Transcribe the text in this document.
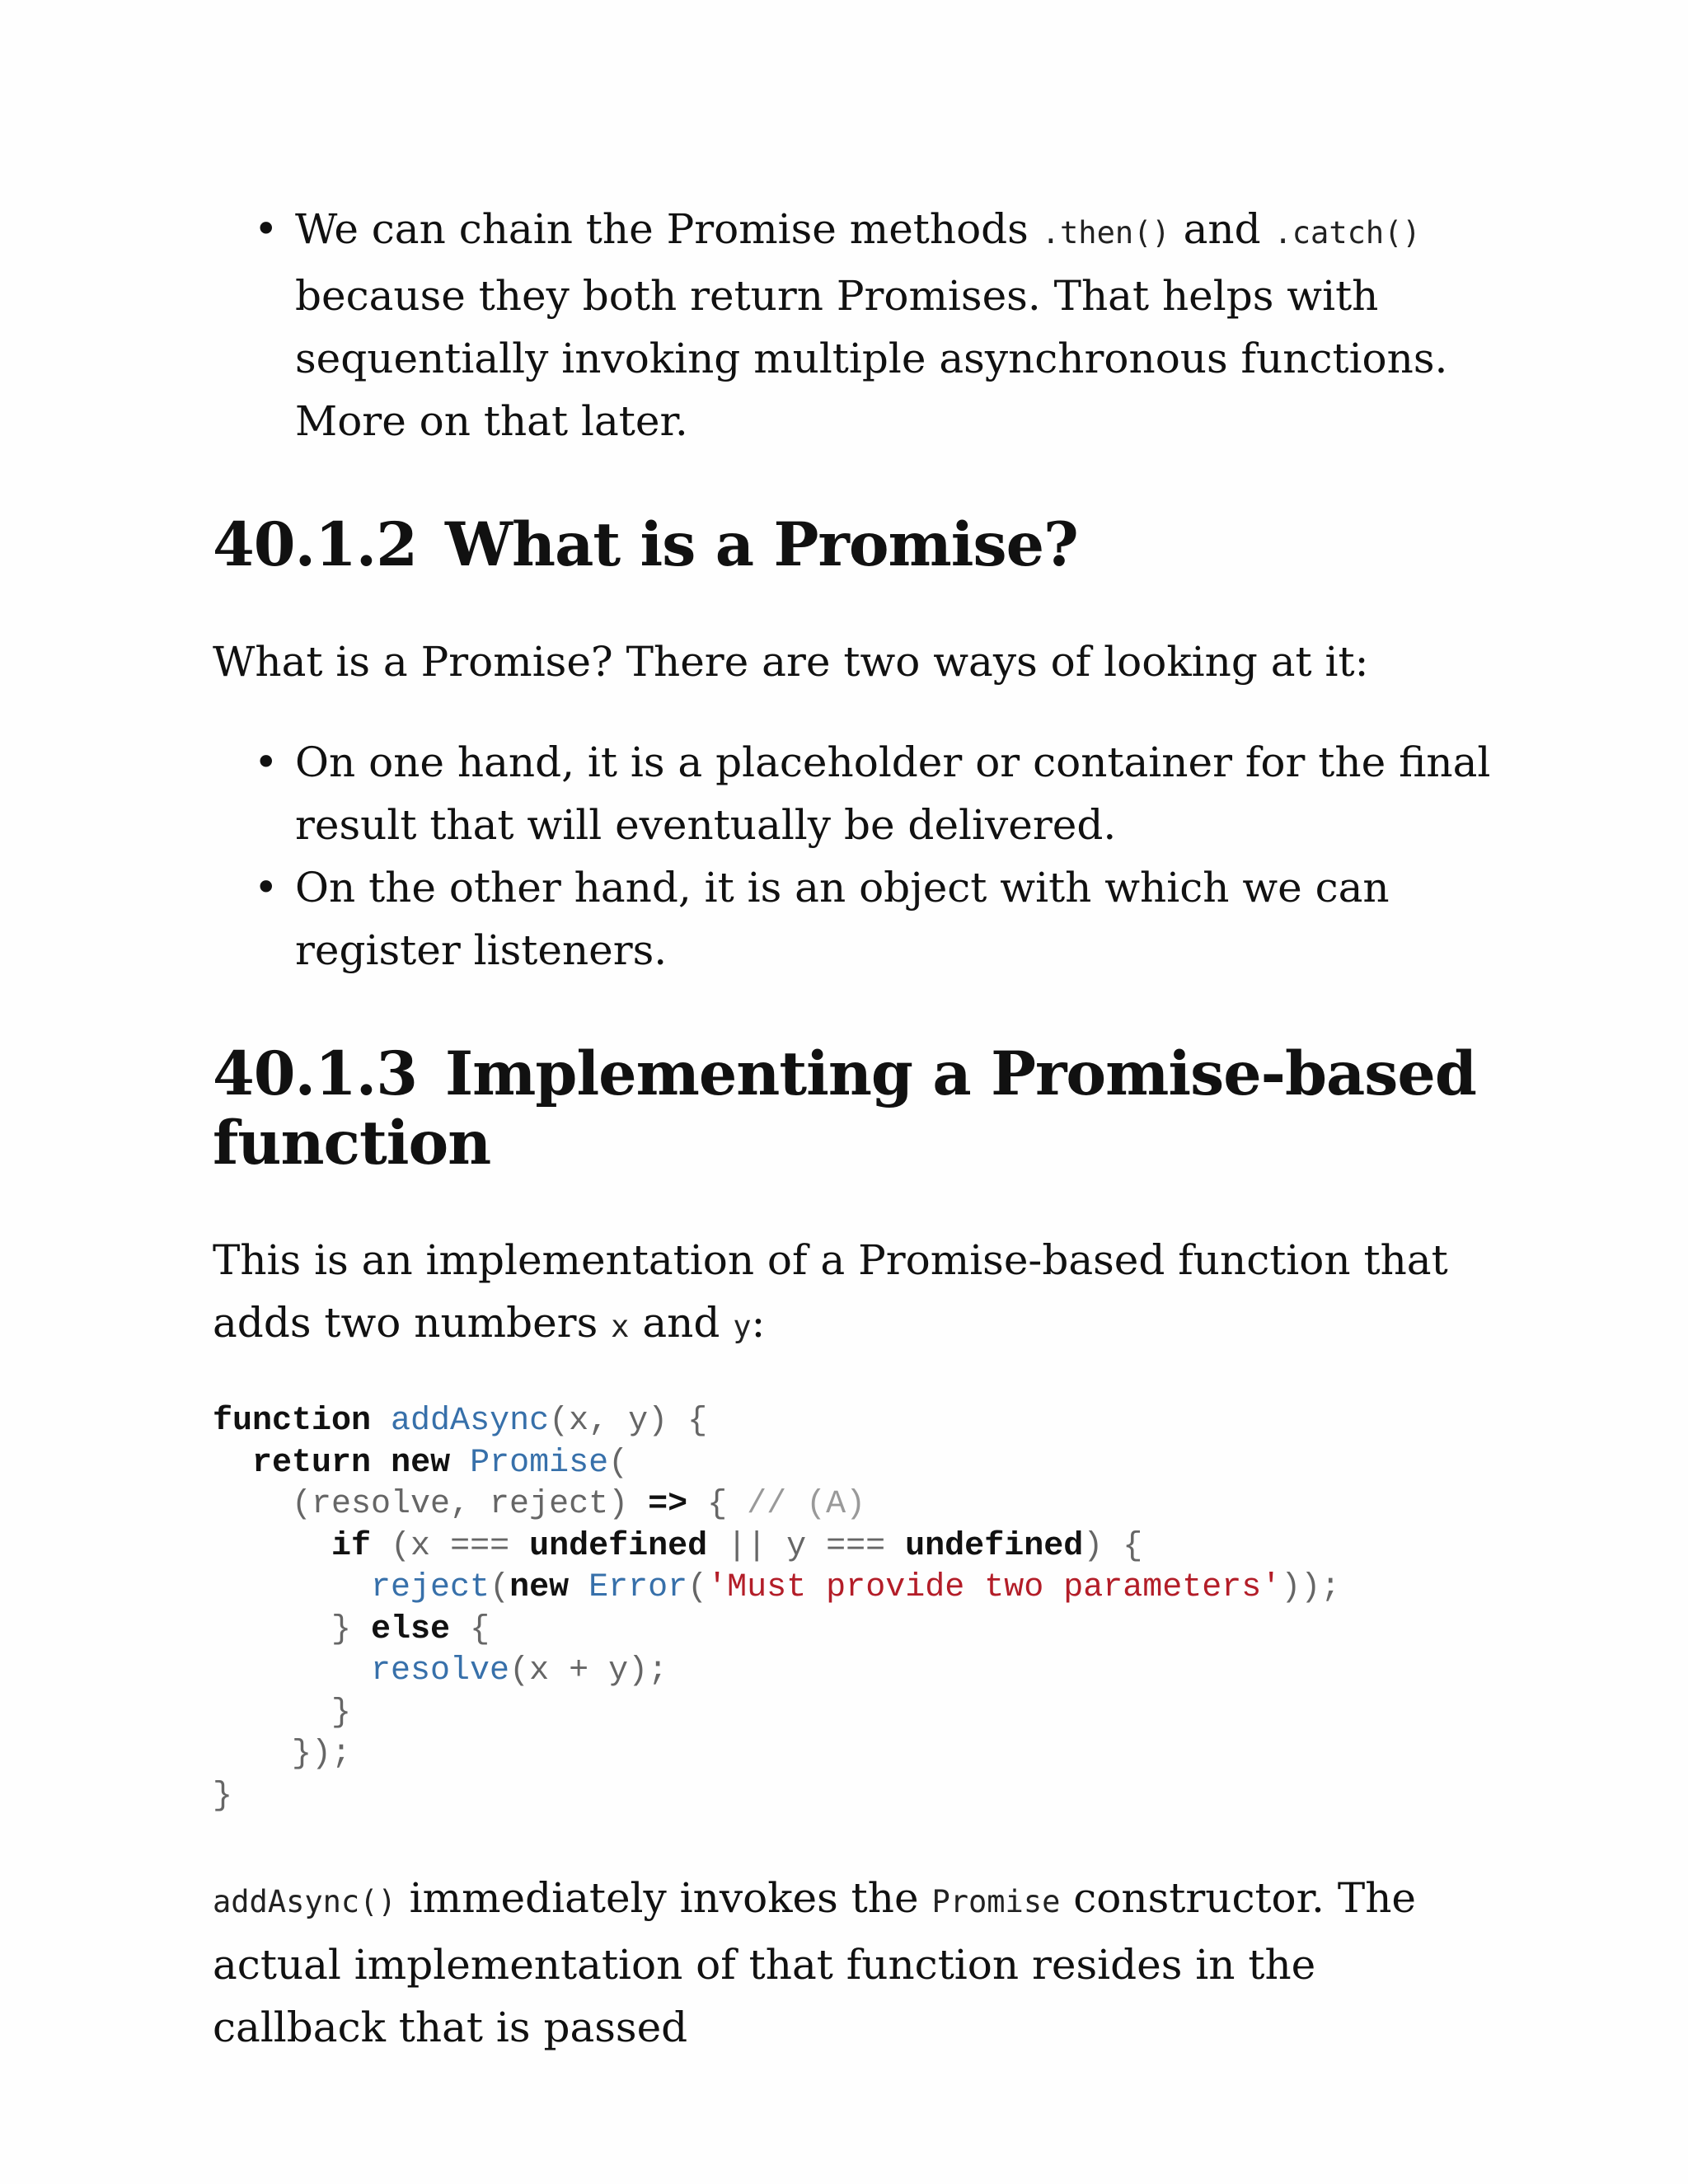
• We can chain the Promise methods .then() and .catch() because they both return Promises. That helps with sequentially invoking multiple asynchronous functions. More on that later.
40.1.2 What is a Promise?

What is a Promise? There are two ways of looking at it:

• On one hand, it is a placeholder or container for the final result that will eventually be delivered.
• On the other hand, it is an object with which we can register listeners.
40.1.3 Implementing a Promise-based function

This is an implementation of a Promise-based function that adds two numbers x and y:

function addAsync(x, y) {
return new Promise(
(resolve, reject) => { // (A)
if (x === undefined || y === undefined) {
reject(new Error('Must provide two parameters'));
} else {
resolve(x + y);
}
});
}

addAsync() immediately invokes the Promise constructor. The actual implementation of that function resides in the callback that is passed
